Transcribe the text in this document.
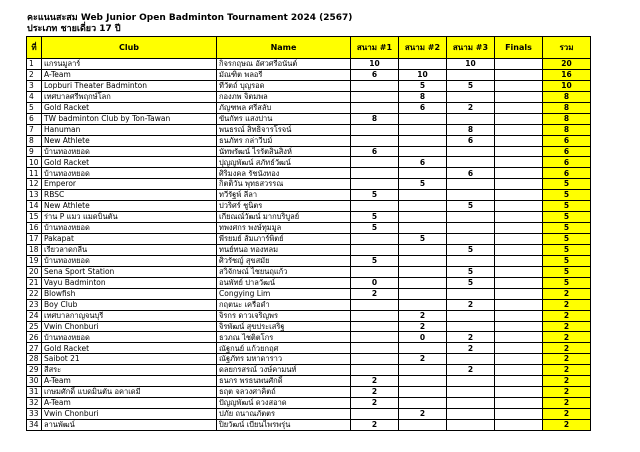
คะแนนสะสม Web Junior Open Badminton Tournament 2024 (2567)
ประเภท ชายเดี่ยว 17 ปี
ที่	Club	Name	สนาม #1	สนาม #2	สนาม #3	Finals	รวม
1	แกรนมูลาร์	กิจรกฤษณ อัศวศรีอนันต์	10		10		20
2	A-Team	มัณฑิต พลอรี	6	10			16
3	Lopburi Theater Badminton	ทีวัตถ์ บุญรอด		5	5		10
4	เทศบาลศรีพฤกษ์โลก	กองภพ จิตมพล		8			8
5	Gold Racket	ภัญฑพล ศรีสลับ		6	2		8
6	TW badminton Club by Ton-Tawan	ขันกัทร แสงปาน	8				8
7	Hanuman	พนธรณ์ สิทธิจารโรจน์			8		8
8	New Athlete	ธนภัทร กล่าวีบม์			6		6
9	บ้านทองหยอด	นัทพรัฒน์ ไรรัตสินสิงห์	6				6
10	Gold Racket	ปุญญพัฒน์ สภัทธ์วัฒน์		6			6
11	บ้านทองหยอด	ศิริมงคล รัชนังทอง			6		6
12	Emperor	กิตติวัน พุทธสวรรณ		5			5
13	RBSC	ทวีรัฐพ์ ลีลา	5				5
14	New Athlete	ปวริศร์ ชูนิตร			5		5
15	ร่าน P แมว แมดบินตัน	เกียณณ์วัฒน์ มากบริบูลย์	5				5
16	บ้านทองหยอด	ทพงศกร พงษ์ทุมมูล	5				5
17	Pakapat	พีรยมย์ ส้มเภาร์พิตย์		5			5
18	เรียวลาดกลีน	ทนย์ทนอ ทองทลม			5		5
19	บ้านทองหยอด	ศิวรัชญ์ สุขสมัย	5				5
20	Sena Sport Station	สวิจักษณ์ ไชยนฤแก้ว			5		5
21	Vayu Badminton	อนพัทย์ ปาลวัฒน์	0		5		5
22	Blowfish	Congying Lim	2				2
23	Boy Club	กฤตนะ เครือดำ			2		2
24	เทศบาลกาญจนบุรี	จิรกร ดาวเจริญพร		2			2
25	Vwin Chonburi	จิรพัฒน์ สุขประเสริฐ		2			2
26	บ้านทองหยอด	ธวภณ ไชติตโกร		0	2		2
27	Gold Racket	ณัฐกนย์ แก้วยกฤศ			2		2
28	Saibot 21	ณัฐภัทร มหาดาราว		2			2
29	สีสระ	ดลยกรสรณ์ วงษ์คามนท์			2		2
30	A-Team	ธนกร พรธนพนศักดิ์	2				2
31	เกษมศักดิ์ แบดมินตัน อคาเดมี	ธฤต จลวงศาคิตถ์	2				2
32	A-Team	ปัญญพัฒน์ ดวงสอาด	2				2
33	Vwin Chonburi	ปภัย ถนาณภัตตร		2			2
34	ลานพัฒน์	ปิยวัฒน์ เบียนไพรพรุ่น	2				2
